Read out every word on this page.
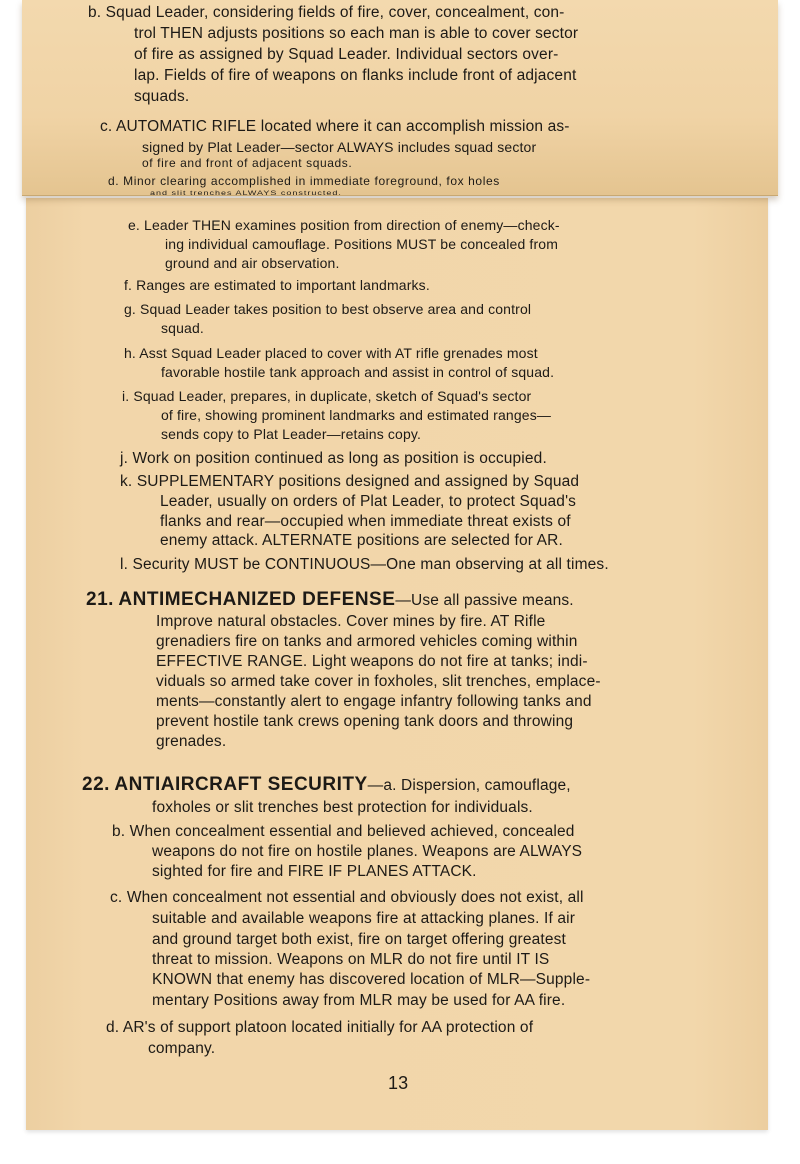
b. Squad Leader, considering fields of fire, cover, concealment, con-

trol THEN adjusts positions so each man is able to cover sector

of fire as assigned by Squad Leader. Individual sectors over-

lap. Fields of fire of weapons on flanks include front of adjacent

squads.

c. AUTOMATIC RIFLE located where it can accomplish mission as-

signed by Plat Leader—sector ALWAYS includes squad sector

of fire and front of adjacent squads.

d. Minor clearing accomplished in immediate foreground, fox holes

and slit trenches ALWAYS constructed.

e. Leader THEN examines position from direction of enemy—check-

ing individual camouflage. Positions MUST be concealed from

ground and air observation.

f. Ranges are estimated to important landmarks.

g. Squad Leader takes position to best observe area and control

squad.

h. Asst Squad Leader placed to cover with AT rifle grenades most

favorable hostile tank approach and assist in control of squad.

i. Squad Leader, prepares, in duplicate, sketch of Squad's sector

of fire, showing prominent landmarks and estimated ranges—

sends copy to Plat Leader—retains copy.

j. Work on position continued as long as position is occupied.

k. SUPPLEMENTARY positions designed and assigned by Squad

Leader, usually on orders of Plat Leader, to protect Squad's

flanks and rear—occupied when immediate threat exists of

enemy attack. ALTERNATE positions are selected for AR.

l. Security MUST be CONTINUOUS—One man observing at all times.

21. ANTIMECHANIZED DEFENSE—Use all passive means.

Improve natural obstacles. Cover mines by fire. AT Rifle

grenadiers fire on tanks and armored vehicles coming within

EFFECTIVE RANGE. Light weapons do not fire at tanks; indi-

viduals so armed take cover in foxholes, slit trenches, emplace-

ments—constantly alert to engage infantry following tanks and

prevent hostile tank crews opening tank doors and throwing

grenades.

22. ANTIAIRCRAFT SECURITY—a. Dispersion, camouflage,

foxholes or slit trenches best protection for individuals.

b. When concealment essential and believed achieved, concealed

weapons do not fire on hostile planes. Weapons are ALWAYS

sighted for fire and FIRE IF PLANES ATTACK.

c. When concealment not essential and obviously does not exist, all

suitable and available weapons fire at attacking planes. If air

and ground target both exist, fire on target offering greatest

threat to mission. Weapons on MLR do not fire until IT IS

KNOWN that enemy has discovered location of MLR—Supple-

mentary Positions away from MLR may be used for AA fire.

d. AR's of support platoon located initially for AA protection of

company.

13
